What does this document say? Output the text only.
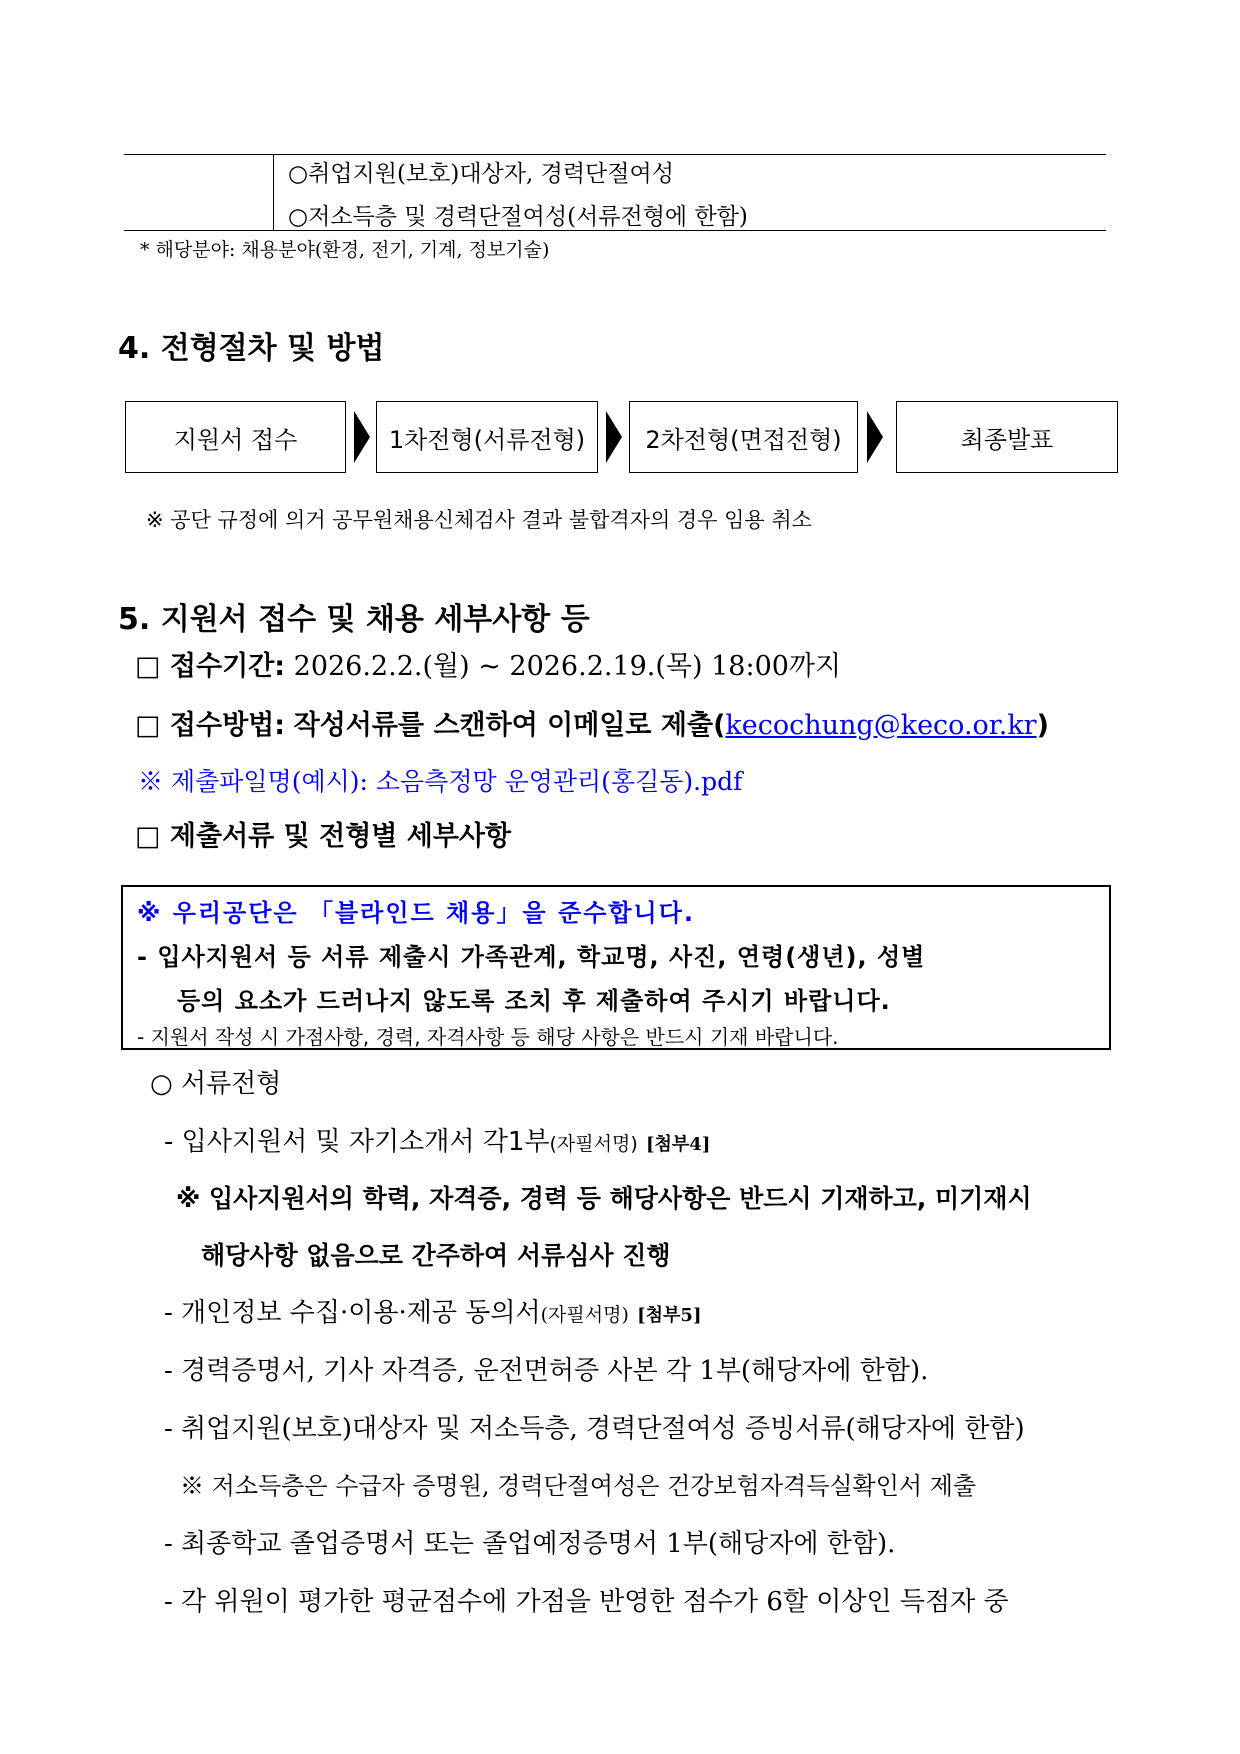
○취업지원(보호)대상자, 경력단절여성
○저소득층 및 경력단절여성(서류전형에 한함)
* 해당분야: 채용분야(환경, 전기, 기계, 정보기술)
4. 전형절차 및 방법
지원서 접수	1차전형(서류전형)	2차전형(면접전형)	최종발표
※ 공단 규정에 의거 공무원채용신체검사 결과 불합격자의 경우 임용 취소
5. 지원서 접수 및 채용 세부사항 등
□ 접수기간: 2026.2.2.(월) ~ 2026.2.19.(목) 18:00까지
□ 접수방법: 작성서류를 스캔하여 이메일로 제출(kecochung@keco.or.kr)
※ 제출파일명(예시): 소음측정망 운영관리(홍길동).pdf
□ 제출서류 및 전형별 세부사항
※ 우리공단은 「블라인드 채용」을 준수합니다.
- 입사지원서 등 서류 제출시 가족관계, 학교명, 사진, 연령(생년), 성별
등의 요소가 드러나지 않도록 조치 후 제출하여 주시기 바랍니다.
- 지원서 작성 시 가점사항, 경력, 자격사항 등 해당 사항은 반드시 기재 바랍니다.
○ 서류전형
- 입사지원서 및 자기소개서 각1부(자필서명) [첨부4]
※ 입사지원서의 학력, 자격증, 경력 등 해당사항은 반드시 기재하고, 미기재시
해당사항 없음으로 간주하여 서류심사 진행
- 개인정보 수집·이용·제공 동의서(자필서명) [첨부5]
- 경력증명서, 기사 자격증, 운전면허증 사본 각 1부(해당자에 한함).
- 취업지원(보호)대상자 및 저소득층, 경력단절여성 증빙서류(해당자에 한함)
※ 저소득층은 수급자 증명원, 경력단절여성은 건강보험자격득실확인서 제출
- 최종학교 졸업증명서 또는 졸업예정증명서 1부(해당자에 한함).
- 각 위원이 평가한 평균점수에 가점을 반영한 점수가 6할 이상인 득점자 중
